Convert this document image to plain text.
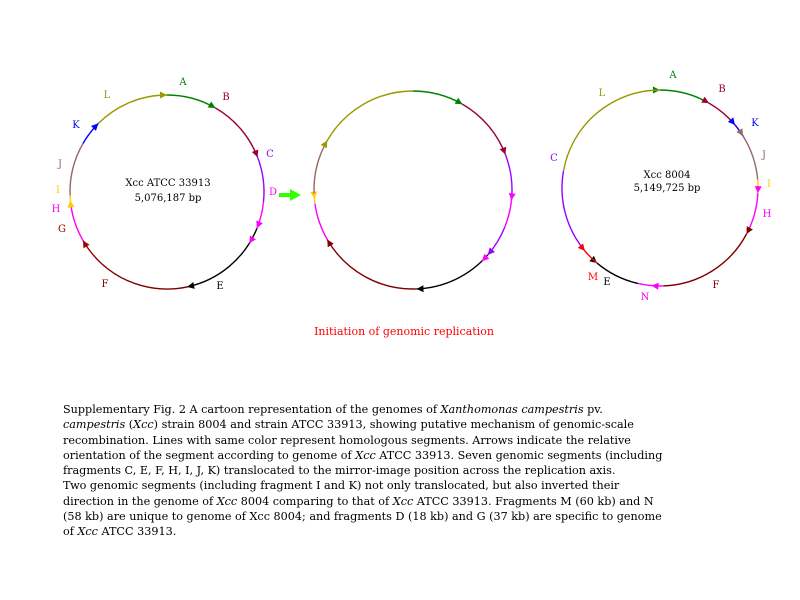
A
B
C
D
E
F
G
H
I
J
K
L
A
B
K
J
I
H
F
N
E
M
C
L
Xcc ATCC 33913
5,076,187 bp
Xcc 8004
5,149,725 bp
Initiation of genomic replication

Supplementary Fig. 2 A cartoon representation of the genomes of Xanthomonas campestris pv.

campestris (Xcc) strain 8004 and strain ATCC 33913, showing putative mechanism of genomic-scale

recombination. Lines with same color represent homologous segments. Arrows indicate the relative

orientation of the segment according to genome of Xcc ATCC 33913. Seven genomic segments (including

fragments C, E, F, H, I, J, K) translocated to the mirror-image position across the replication axis.

Two genomic segments (including fragment I and K) not only translocated, but also inverted their

direction in the genome of Xcc 8004 comparing to that of Xcc ATCC 33913. Fragments M (60 kb) and N

(58 kb) are unique to genome of Xcc 8004; and fragments D (18 kb) and G (37 kb) are specific to genome

of Xcc ATCC 33913.
